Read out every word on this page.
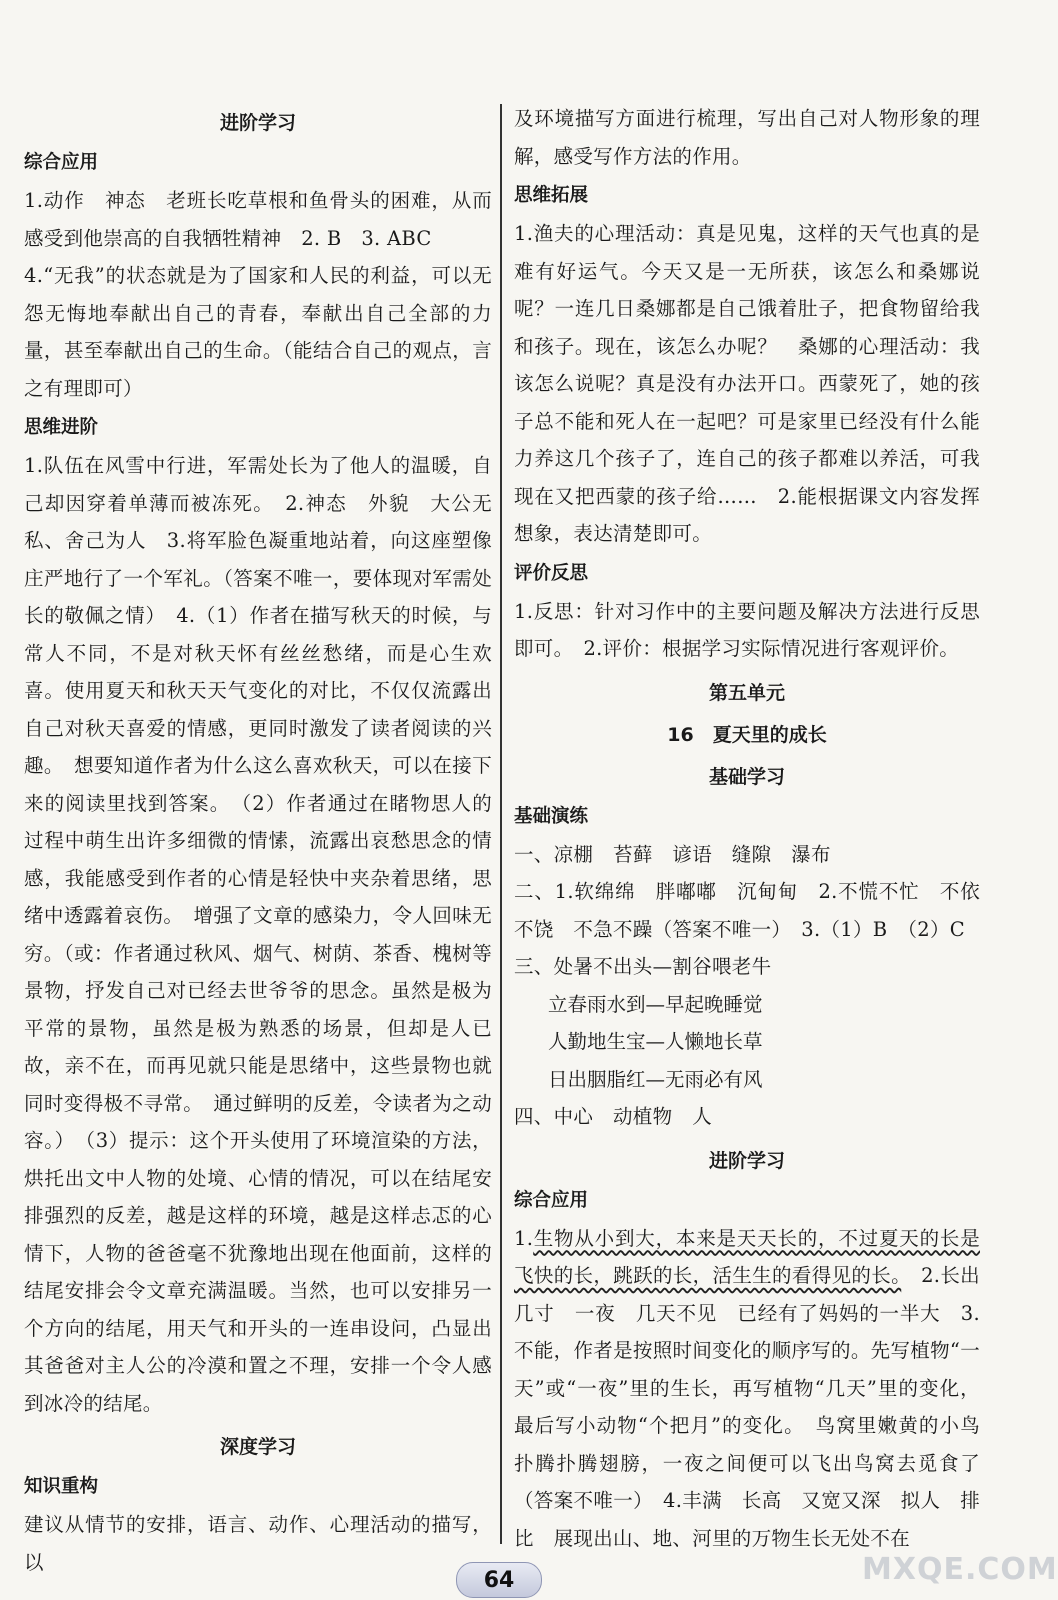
进阶学习
综合应用

1.动作　神态　老班长吃草根和鱼骨头的困难，从而感受到他崇高的自我牺牲精神　2. B　3. ABC

4.“无我”的状态就是为了国家和人民的利益，可以无怨无悔地奉献出自己的青春，奉献出自己全部的力量，甚至奉献出自己的生命。（能结合自己的观点，言之有理即可）

思维进阶

1.队伍在风雪中行进，军需处长为了他人的温暖，自己却因穿着单薄而被冻死。　2.神态　外貌　大公无私、舍己为人　3.将军脸色凝重地站着，向这座塑像庄严地行了一个军礼。（答案不唯一，要体现对军需处长的敬佩之情）　4.（1）作者在描写秋天的时候，与常人不同，不是对秋天怀有丝丝愁绪，而是心生欢喜。使用夏天和秋天天气变化的对比，不仅仅流露出自己对秋天喜爱的情感，更同时激发了读者阅读的兴趣。　想要知道作者为什么这么喜欢秋天，可以在接下来的阅读里找到答案。　（2）作者通过在睹物思人的过程中萌生出许多细微的情愫，流露出哀愁思念的情感，我能感受到作者的心情是轻快中夹杂着思绪，思绪中透露着哀伤。　增强了文章的感染力，令人回味无穷。（或：作者通过秋风、烟气、树荫、茶香、槐树等景物，抒发自己对已经去世爷爷的思念。虽然是极为平常的景物，虽然是极为熟悉的场景，但却是人已故，亲不在，而再见就只能是思绪中，这些景物也就同时变得极不寻常。　通过鲜明的反差，令读者为之动容。）　（3）提示：这个开头使用了环境渲染的方法，烘托出文中人物的处境、心情的情况，可以在结尾安排强烈的反差，越是这样的环境，越是这样忐忑的心情下，人物的爸爸毫不犹豫地出现在他面前，这样的结尾安排会令文章充满温暖。当然，也可以安排另一个方向的结尾，用天气和开头的一连串设问，凸显出其爸爸对主人公的冷漠和置之不理，安排一个令人感到冰冷的结尾。

深度学习
知识重构

建议从情节的安排，语言、动作、心理活动的描写，以

及环境描写方面进行梳理，写出自己对人物形象的理解，感受写作方法的作用。

思维拓展

1.渔夫的心理活动：真是见鬼，这样的天气也真的是难有好运气。今天又是一无所获，该怎么和桑娜说呢？一连几日桑娜都是自己饿着肚子，把食物留给我和孩子。现在，该怎么办呢？　桑娜的心理活动：我该怎么说呢？真是没有办法开口。西蒙死了，她的孩子总不能和死人在一起吧？可是家里已经没有什么能力养这几个孩子了，连自己的孩子都难以养活，可我现在又把西蒙的孩子给……　2.能根据课文内容发挥想象，表达清楚即可。

评价反思

1.反思：针对习作中的主要问题及解决方法进行反思即可。　2.评价：根据学习实际情况进行客观评价。

第五单元
16　夏天里的成长
基础学习
基础演练

一、凉棚　苔藓　谚语　缝隙　瀑布

二、1.软绵绵　胖嘟嘟　沉甸甸　2.不慌不忙　不依不饶　不急不躁（答案不唯一）　3.（1）B　（2）C

三、处暑不出头—割谷喂老牛

立春雨水到—早起晚睡觉

人勤地生宝—人懒地长草

日出胭脂红—无雨必有风

四、中心　动植物　人

进阶学习
综合应用

1.生物从小到大，本来是天天长的，不过夏天的长是飞快的长，跳跃的长，活生生的看得见的长。　2.长出几寸　一夜　几天不见　已经有了妈妈的一半大　3.不能，作者是按照时间变化的顺序写的。先写植物“一天”或“一夜”里的生长，再写植物“几天”里的变化，最后写小动物“个把月”的变化。　鸟窝里嫩黄的小鸟扑腾扑腾翅膀，一夜之间便可以飞出鸟窝去觅食了（答案不唯一）　4.丰满　长高　又宽又深　拟人　排比　展现出山、地、河里的万物生长无处不在

64	MXQE.COM
